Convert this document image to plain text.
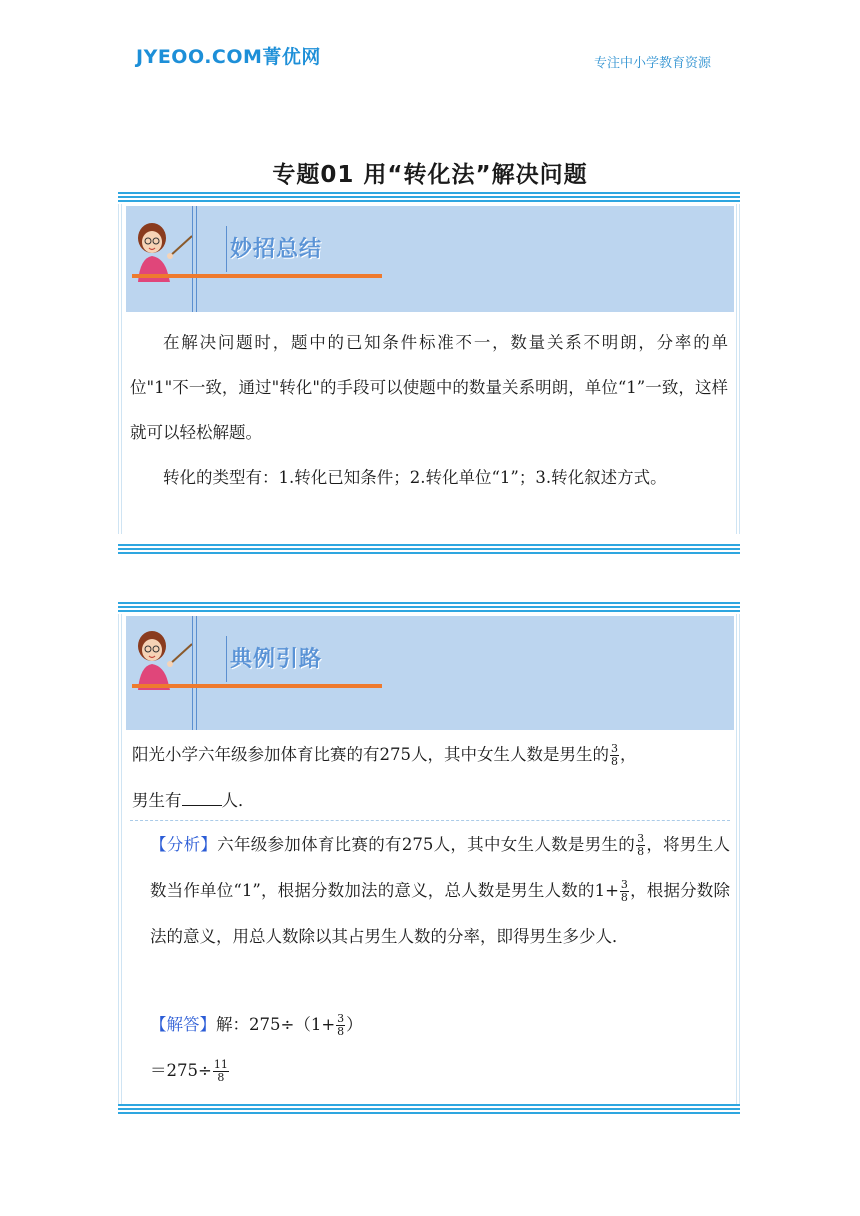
JYEOO.COM菁优网	专注中小学教育资源
专题01 用“转化法”解决问题
妙招总结
在解决问题时，题中的已知条件标准不一，数量关系不明朗，分率的单位"1"不一致，通过"转化"的手段可以使题中的数量关系明朗，单位“1”一致，这样就可以轻松解题。
转化的类型有：1.转化已知条件；2.转化单位“1”；3.转化叙述方式。
典例引路
阳光小学六年级参加体育比赛的有275人，其中女生人数是男生的 $\frac{3}{8}$ ，
男生有 人．
【分析】六年级参加体育比赛的有275人，其中女生人数是男生的 $\frac{3}{8}$ ，将男生人数当作单位“1”，根据分数加法的意义，总人数是男生人数的$1+ \frac{3}{8}$ ，根据分数除法的意义，用总人数除以其占男生人数的分率，即得男生多少人．
【解答】解：$275\div(1+ \frac{3}{8}$ ）
$=275\div \frac{11}{8}$
